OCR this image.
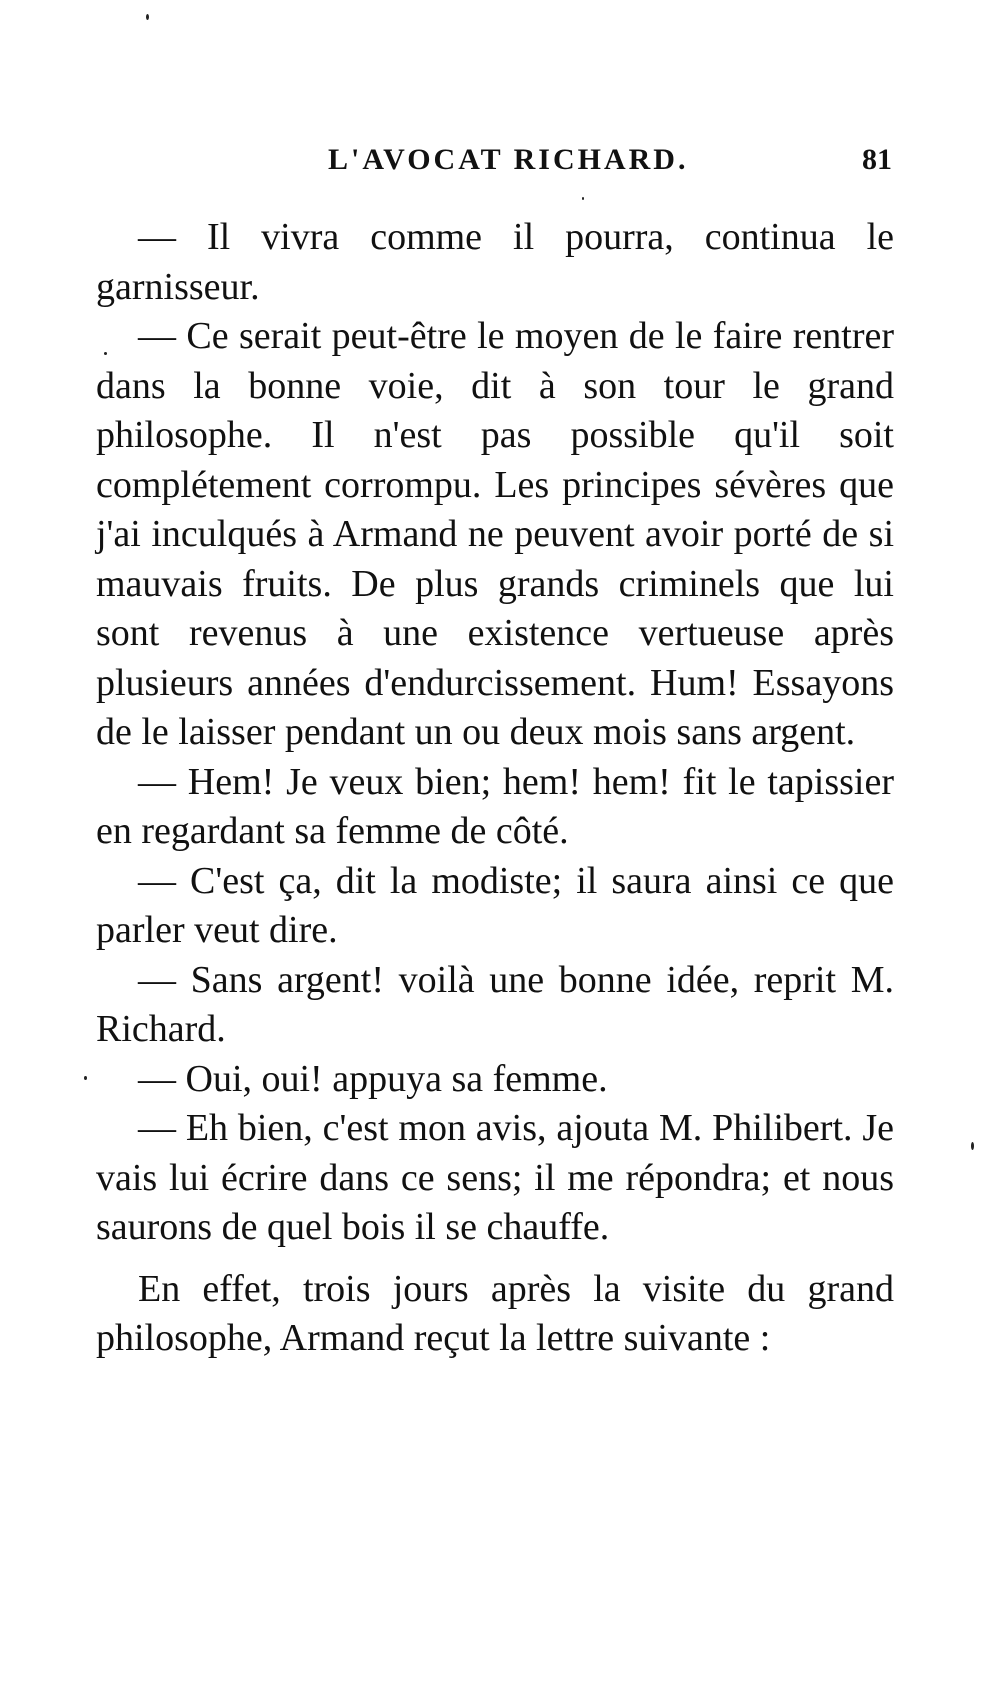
L'AVOCAT RICHARD.	81

— Il vivra comme il pourra, continua le garnisseur.

— Ce serait peut-être le moyen de le faire rentrer dans la bonne voie, dit à son tour le grand philosophe. Il n'est pas possible qu'il soit complétement corrompu. Les principes sévères que j'ai inculqués à Armand ne peuvent avoir porté de si mauvais fruits. De plus grands criminels que lui sont revenus à une existence vertueuse après plusieurs années d'endurcissement. Hum! Essayons de le laisser pendant un ou deux mois sans argent.

— Hem! Je veux bien; hem! hem! fit le tapissier en regardant sa femme de côté.

— C'est ça, dit la modiste; il saura ainsi ce que parler veut dire.

— Sans argent! voilà une bonne idée, reprit M. Richard.

— Oui, oui! appuya sa femme.

— Eh bien, c'est mon avis, ajouta M. Philibert. Je vais lui écrire dans ce sens; il me répondra; et nous saurons de quel bois il se chauffe.

En effet, trois jours après la visite du grand philosophe, Armand reçut la lettre suivante :
